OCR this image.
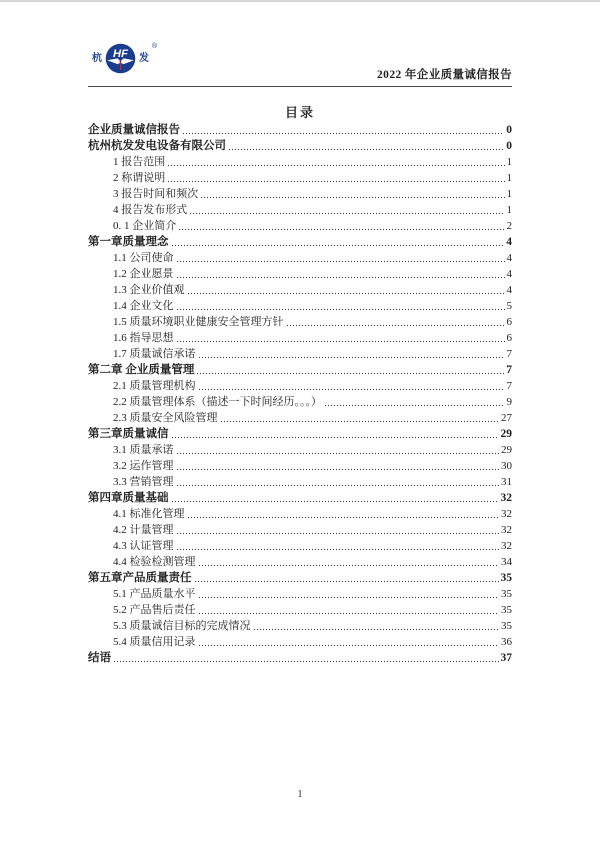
杭 HF 发
®
2022 年企业质量诚信报告
目录
企业质量诚信报告	0
杭州杭发发电设备有限公司	0
1 报告范围	1
2 称谓说明	1
3 报告时间和频次	1
4 报告发布形式	1
0. 1 企业简介	2
第一章质量理念	4
1.1 公司使命	4
1.2 企业愿景	4
1.3 企业价值观	4
1.4 企业文化	5
1.5 质量环境职业健康安全管理方针	6
1.6 指导思想	6
1.7 质量诚信承诺	7
第二章 企业质量管理	7
2.1 质量管理机构	7
2.2 质量管理体系（描述一下时间经历。。。）	9
2.3 质量安全风险管理	27
第三章质量诚信	29
3.1 质量承诺	29
3.2 运作管理	30
3.3 营销管理	31
第四章质量基础	32
4.1 标准化管理	32
4.2 计量管理	32
4.3 认证管理	32
4.4 检验检测管理	34
第五章产品质量责任	35
5.1 产品质量水平	35
5.2 产品售后责任	35
5.3 质量诚信目标的完成情况	35
5.4 质量信用记录	36
结语	37
1
